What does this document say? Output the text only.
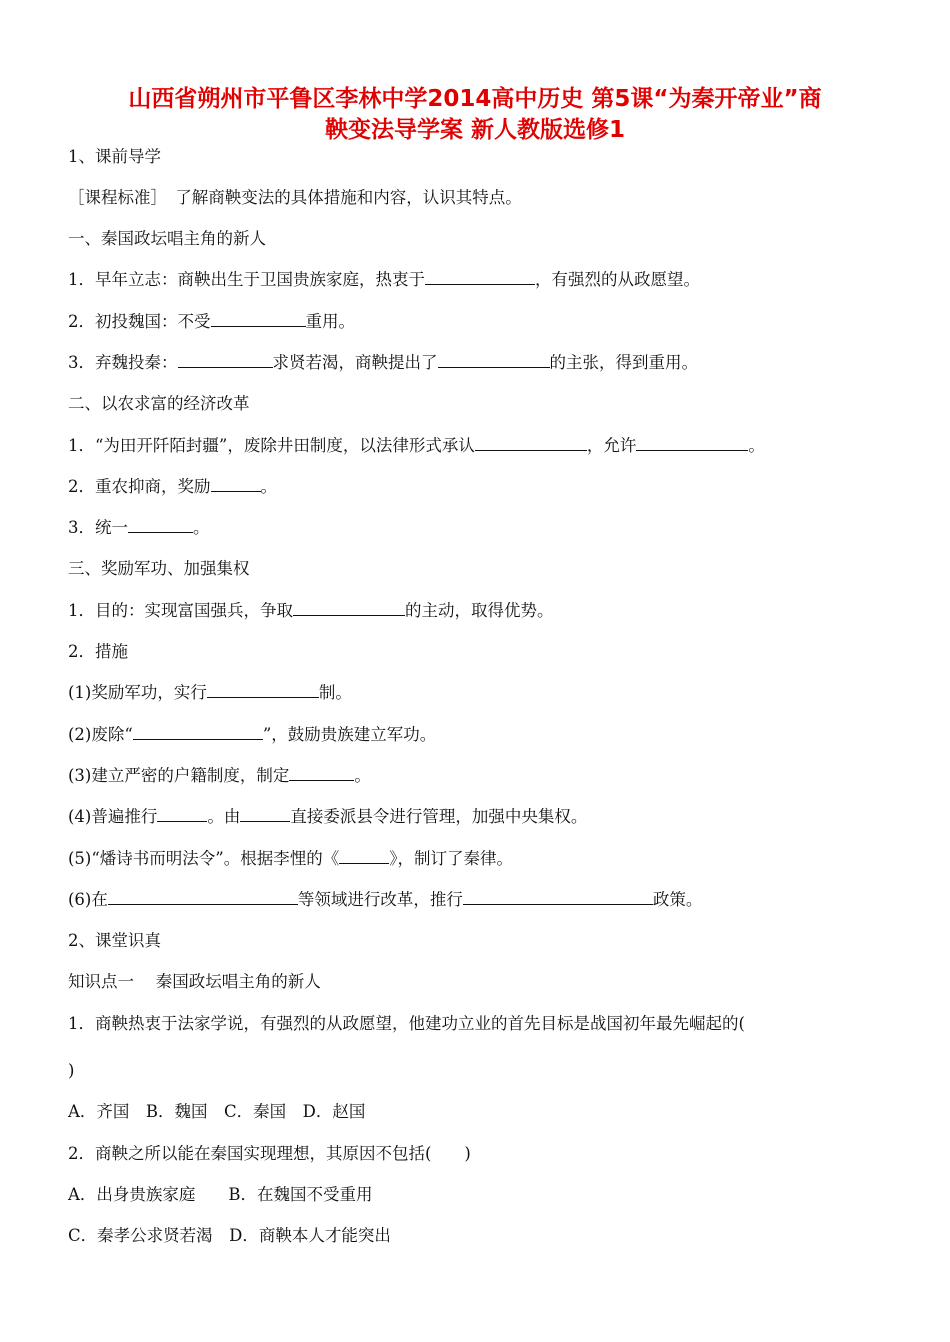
山西省朔州市平鲁区李林中学2014高中历史 第5课“为秦开帝业”商
鞅变法导学案 新人教版选修1
1、课前导学
［课程标准］　了解商鞅变法的具体措施和内容，认识其特点。
一、秦国政坛唱主角的新人
1．早年立志：商鞅出生于卫国贵族家庭，热衷于	，有强烈的从政愿望。
2．初投魏国：不受	重用。
3．弃魏投秦：	求贤若渴，商鞅提出了	的主张，得到重用。
二、以农求富的经济改革
1．“为田开阡陌封疆”，废除井田制度，以法律形式承认	，允许	。
2．重农抑商，奖励	。
3．统一	。
三、奖励军功、加强集权
1．目的：实现富国强兵，争取	的主动，取得优势。
2．措施
(1)奖励军功，实行	制。
(2)废除“	”，鼓励贵族建立军功。
(3)建立严密的户籍制度，制定	。
(4)普遍推行	。由	直接委派县令进行管理，加强中央集权。
(5)“燔诗书而明法令”。根据李悝的《	》，制订了秦律。
(6)在	等领域进行改革，推行	政策。
2、课堂识真
知识点一　 秦国政坛唱主角的新人
1．商鞅热衷于法家学说，有强烈的从政愿望，他建功立业的首先目标是战国初年最先崛起的(
)
A．齐国　B．魏国　C．秦国　D．赵国
2．商鞅之所以能在秦国实现理想，其原因不包括(　　)
A．出身贵族家庭　　B．在魏国不受重用
C．秦孝公求贤若渴　D．商鞅本人才能突出
